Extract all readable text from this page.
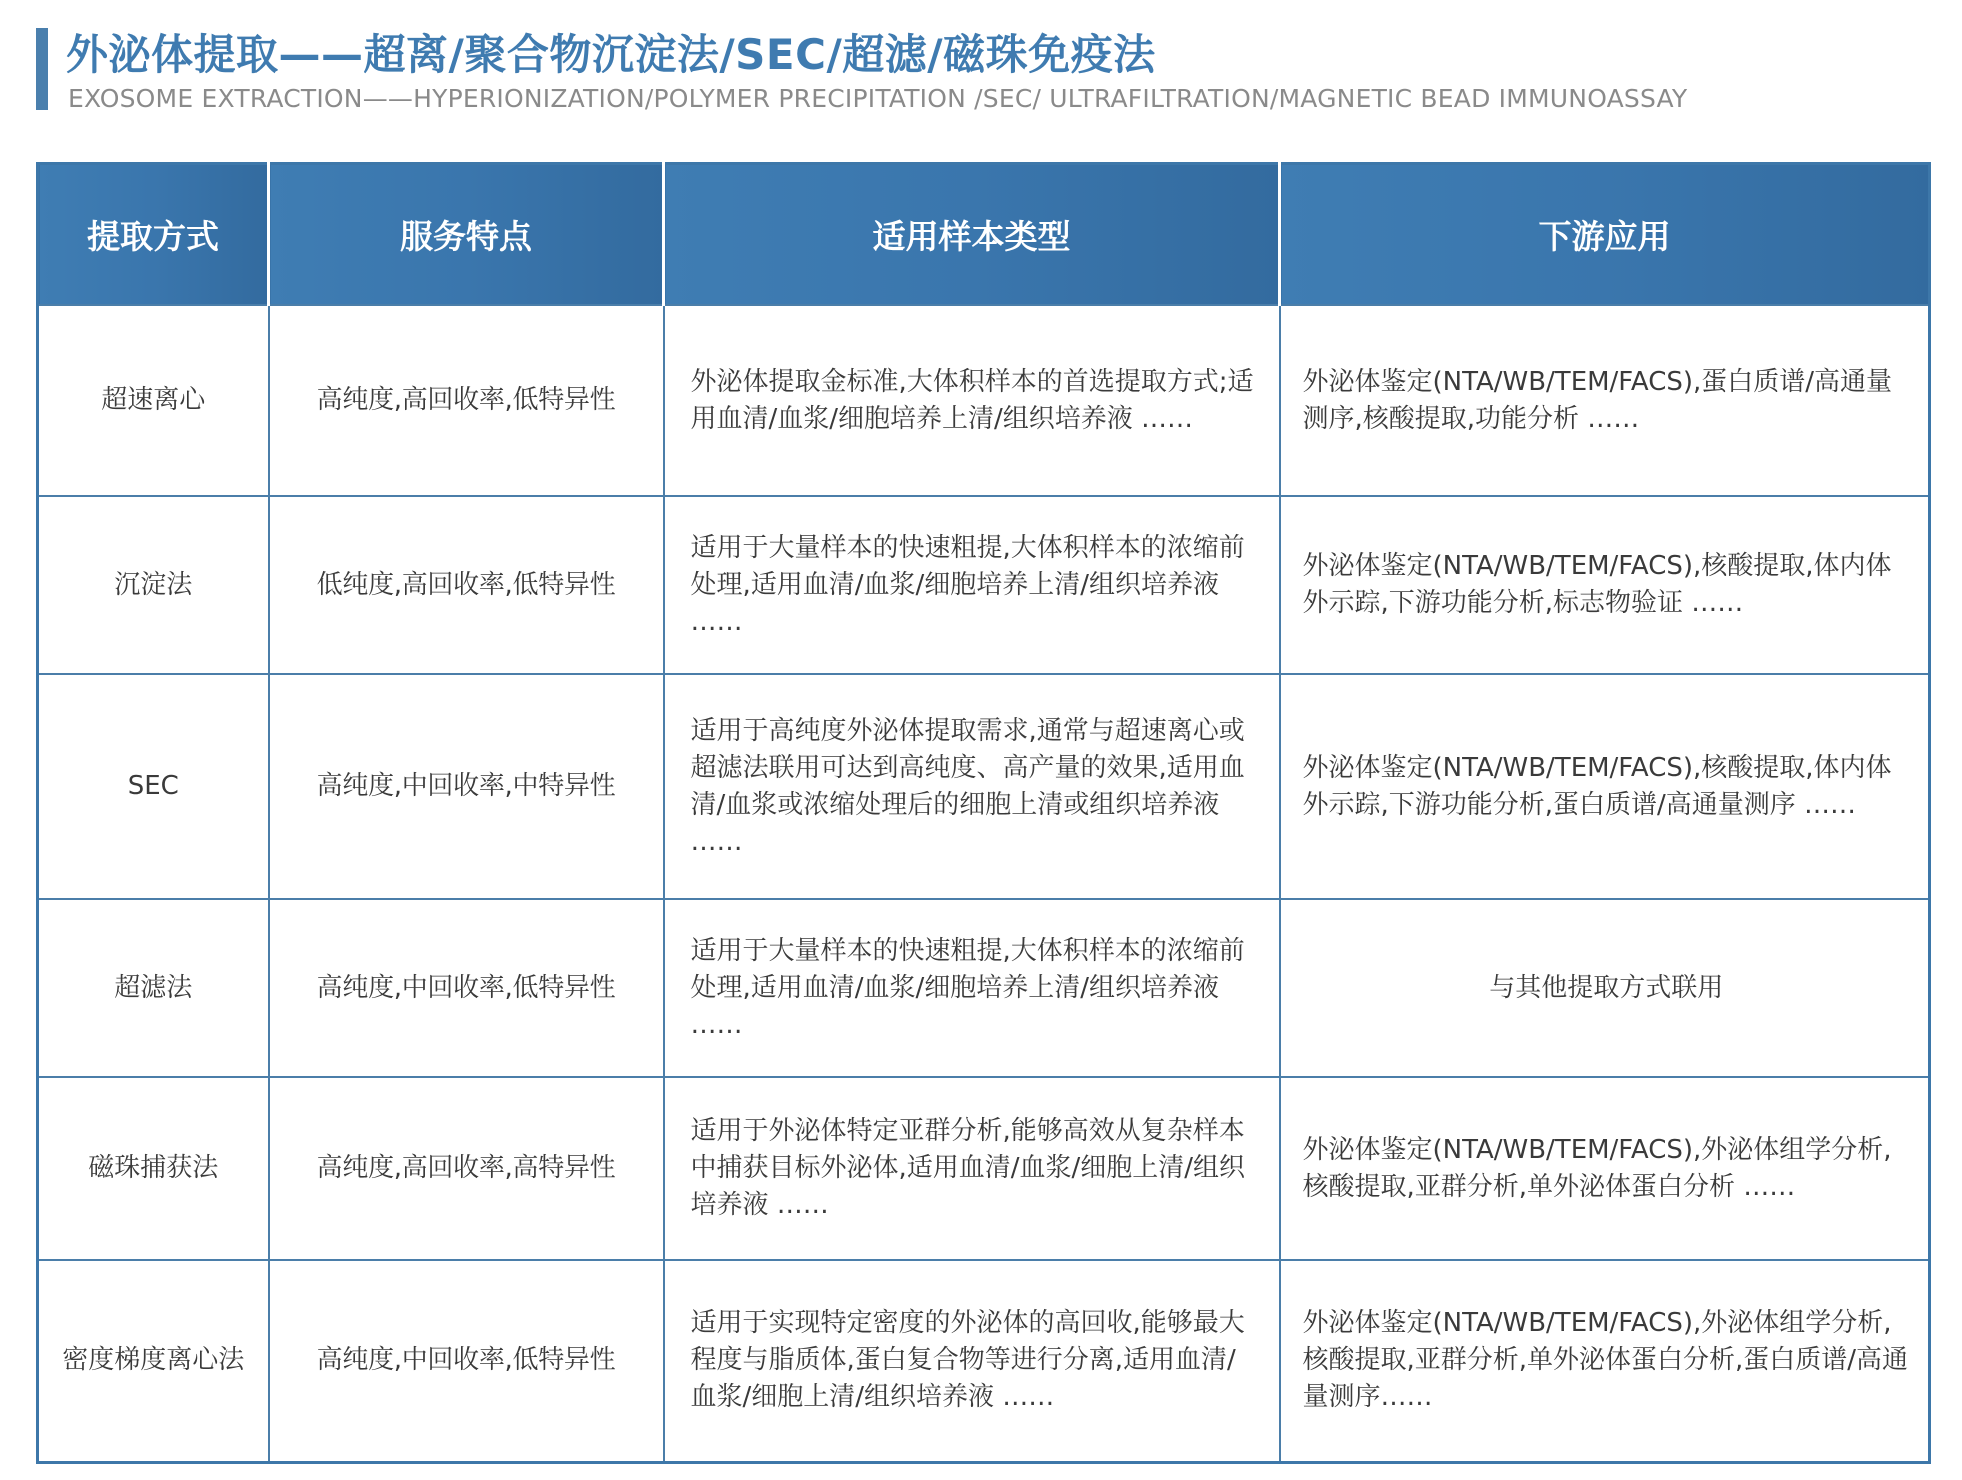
外泌体提取——超离/聚合物沉淀法/SEC/超滤/磁珠免疫法
EXOSOME EXTRACTION——HYPERIONIZATION/POLYMER PRECIPITATION /SEC/ ULTRAFILTRATION/MAGNETIC BEAD IMMUNOASSAY
提取方式	服务特点	适用样本类型	下游应用
超速离心	高纯度,高回收率,低特异性	外泌体提取金标准,大体积样本的首选提取方式;适用血清/血浆/细胞培养上清/组织培养液 ……	外泌体鉴定(NTA/WB/TEM/FACS),蛋白质谱/高通量测序,核酸提取,功能分析 ……
沉淀法	低纯度,高回收率,低特异性	适用于大量样本的快速粗提,大体积样本的浓缩前处理,适用血清/血浆/细胞培养上清/组织培养液 ……	外泌体鉴定(NTA/WB/TEM/FACS),核酸提取,体内体外示踪,下游功能分析,标志物验证 ……
SEC	高纯度,中回收率,中特异性	适用于高纯度外泌体提取需求,通常与超速离心或超滤法联用可达到高纯度、高产量的效果,适用血清/血浆或浓缩处理后的细胞上清或组织培养液 ……	外泌体鉴定(NTA/WB/TEM/FACS),核酸提取,体内体外示踪,下游功能分析,蛋白质谱/高通量测序 ……
超滤法	高纯度,中回收率,低特异性	适用于大量样本的快速粗提,大体积样本的浓缩前处理,适用血清/血浆/细胞培养上清/组织培养液 ……	与其他提取方式联用
磁珠捕获法	高纯度,高回收率,高特异性	适用于外泌体特定亚群分析,能够高效从复杂样本中捕获目标外泌体,适用血清/血浆/细胞上清/组织培养液 ……	外泌体鉴定(NTA/WB/TEM/FACS),外泌体组学分析,核酸提取,亚群分析,单外泌体蛋白分析 ……
密度梯度离心法	高纯度,中回收率,低特异性	适用于实现特定密度的外泌体的高回收,能够最大程度与脂质体,蛋白复合物等进行分离,适用血清/血浆/细胞上清/组织培养液 ……	外泌体鉴定(NTA/WB/TEM/FACS),外泌体组学分析,核酸提取,亚群分析,单外泌体蛋白分析,蛋白质谱/高通量测序……
